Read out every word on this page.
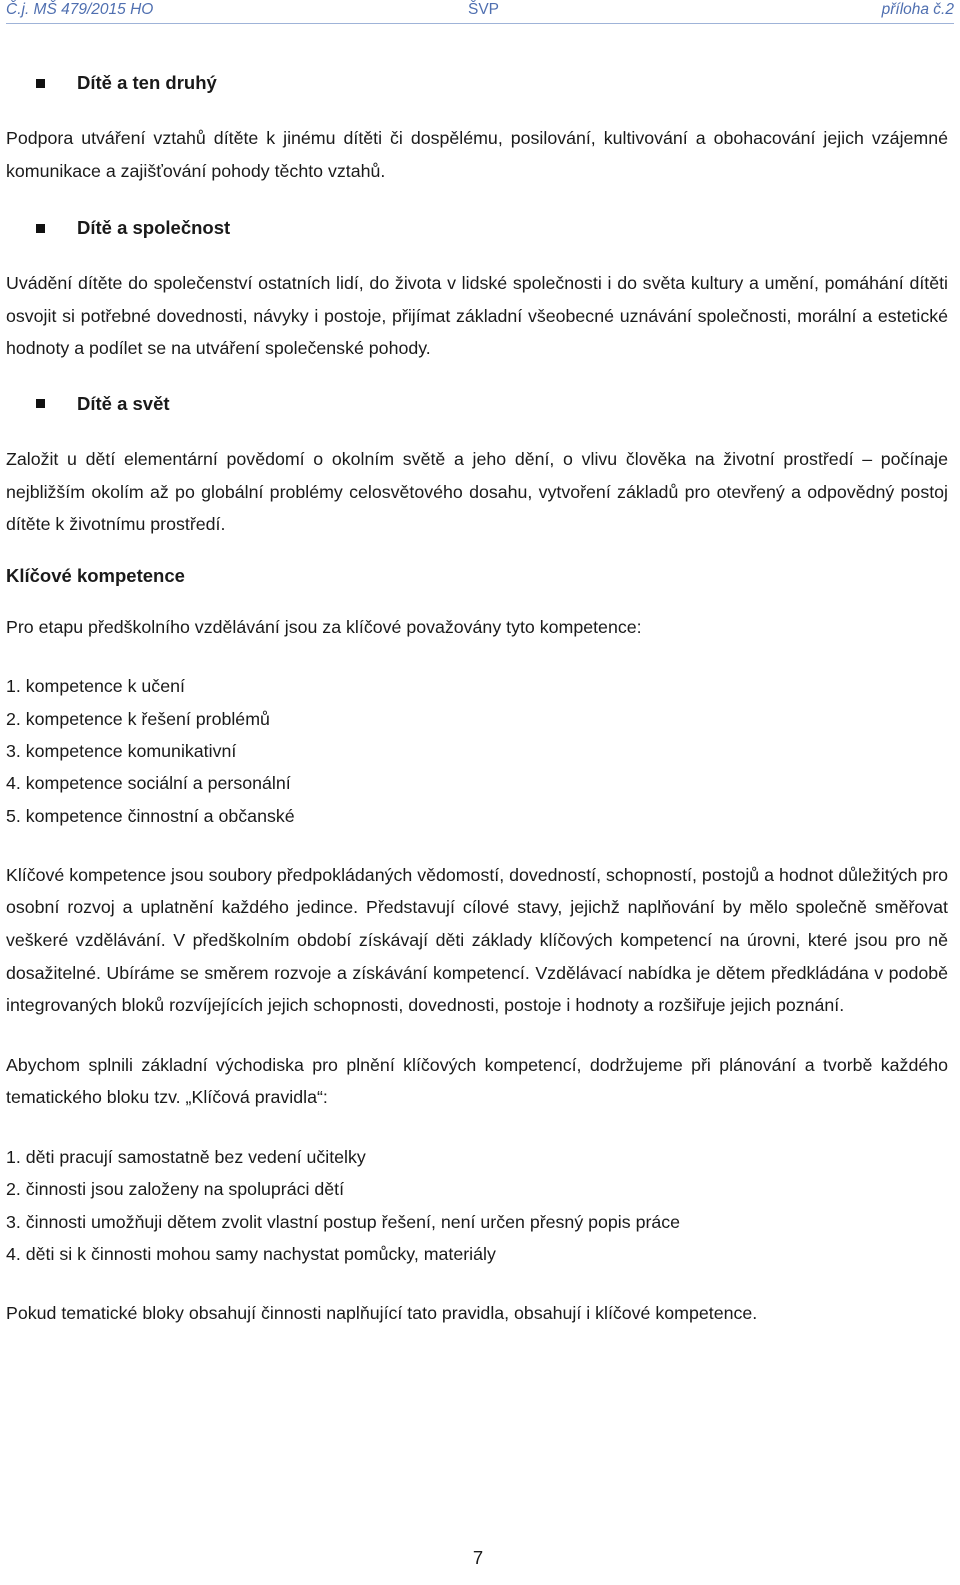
Č.j. MŠ 479/2015 HO	ŠVP	příloha č.2
Dítě a ten druhý

Podpora utváření vztahů dítěte k jinému dítěti či dospělému, posilování, kultivování a obohacování jejich vzájemné komunikace a zajišťování pohody těchto vztahů.

Dítě a společnost

Uvádění dítěte do společenství ostatních lidí, do života v lidské společnosti i do světa kultury a umění, pomáhání dítěti osvojit si potřebné dovednosti, návyky i postoje, přijímat základní všeobecné uznávání společnosti, morální a estetické hodnoty a podílet se na utváření společenské pohody.

Dítě a svět

Založit u dětí elementární povědomí o okolním světě a jeho dění, o vlivu člověka na životní prostředí – počínaje nejbližším okolím až po globální problémy celosvětového dosahu, vytvoření základů pro otevřený a odpovědný postoj dítěte k životnímu prostředí.

Klíčové kompetence

Pro etapu předškolního vzdělávání jsou za klíčové považovány tyto kompetence:

1. kompetence k učení
2. kompetence k řešení problémů
3. kompetence komunikativní
4. kompetence sociální a personální
5. kompetence činnostní a občanské

Klíčové kompetence jsou soubory předpokládaných vědomostí, dovedností, schopností, postojů a hodnot důležitých pro osobní rozvoj a uplatnění každého jedince. Představují cílové stavy, jejichž naplňování by mělo společně směřovat veškeré vzdělávání. V předškolním období získávají děti základy klíčových kompetencí na úrovni, které jsou pro ně dosažitelné. Ubíráme se směrem rozvoje a získávání kompetencí. Vzdělávací nabídka je dětem předkládána v podobě integrovaných bloků rozvíjejících jejich schopnosti, dovednosti, postoje i hodnoty a rozšiřuje jejich poznání.

Abychom splnili základní východiska pro plnění klíčových kompetencí, dodržujeme při plánování a tvorbě každého tematického bloku tzv. „Klíčová pravidla“:

1. děti pracují samostatně bez vedení učitelky
2. činnosti jsou založeny na spolupráci dětí
3. činnosti umožňuji dětem zvolit vlastní postup řešení, není určen přesný popis práce
4. děti si k činnosti mohou samy nachystat pomůcky, materiály

Pokud tematické bloky obsahují činnosti naplňující tato pravidla, obsahují i klíčové kompetence.

7
